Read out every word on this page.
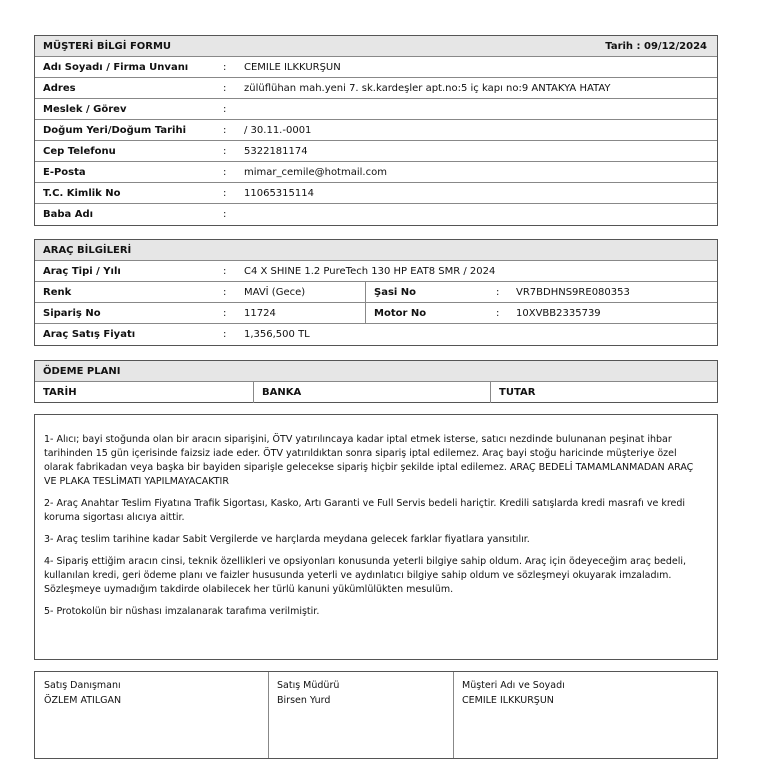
MÜŞTERİ BİLGİ FORMU	Tarih : 09/12/2024
Adı Soyadı / Firma Unvanı	: CEMILE ILKKURŞUN
Adres	: zülüflühan mah.yeni 7. sk.kardeşler apt.no:5 iç kapı no:9 ANTAKYA HATAY
Meslek / Görev	:
Doğum Yeri/Doğum Tarihi	: / 30.11.-0001
Cep Telefonu	: 5322181174
E-Posta	: mimar_cemile@hotmail.com
T.C. Kimlik No	: 11065315114
Baba Adı	:
ARAÇ BİLGİLERİ
Araç Tipi / Yılı	: C4 X SHINE 1.2 PureTech 130 HP EAT8 SMR / 2024
Renk	: MAVİ (Gece)	Şasi No	: VR7BDHNS9RE080353
Sipariş No	: 11724	Motor No	: 10XVBB2335739
Araç Satış Fiyatı	: 1,356,500 TL
ÖDEME PLANI
TARİH	BANKA	TUTAR

1- Alıcı; bayi stoğunda olan bir aracın siparişini, ÖTV yatırılıncaya kadar iptal etmek isterse, satıcı nezdinde bulunanan peşinat ihbar tarihinden 15 gün içerisinde faizsiz iade eder. ÖTV yatırıldıktan sonra sipariş iptal edilemez. Araç bayi stoğu haricinde müşteriye özel olarak fabrikadan veya başka bir bayiden siparişle gelecekse sipariş hiçbir şekilde iptal edilemez. ARAÇ BEDELİ TAMAMLANMADAN ARAÇ VE PLAKA TESLİMATI YAPILMAYACAKTIR

2- Araç Anahtar Teslim Fiyatına Trafik Sigortası, Kasko, Artı Garanti ve Full Servis bedeli hariçtir. Kredili satışlarda kredi masrafı ve kredi koruma sigortası alıcıya aittir.

3- Araç teslim tarihine kadar Sabit Vergilerde ve harçlarda meydana gelecek farklar fiyatlara yansıtılır.

4- Sipariş ettiğim aracın cinsi, teknik özellikleri ve opsiyonları konusunda yeterli bilgiye sahip oldum. Araç için ödeyeceğim araç bedeli, kullanılan kredi, geri ödeme planı ve faizler hususunda yeterli ve aydınlatıcı bilgiye sahip oldum ve sözleşmeyi okuyarak imzaladım. Sözleşmeye uymadığım takdirde olabilecek her türlü kanuni yükümlülükten mesulüm.

5- Protokolün bir nüshası imzalanarak tarafıma verilmiştir.

Satış Danışmanı
ÖZLEM ATILGAN
Satış Müdürü
Birsen Yurd
Müşteri Adı ve Soyadı
CEMILE ILKKURŞUN
